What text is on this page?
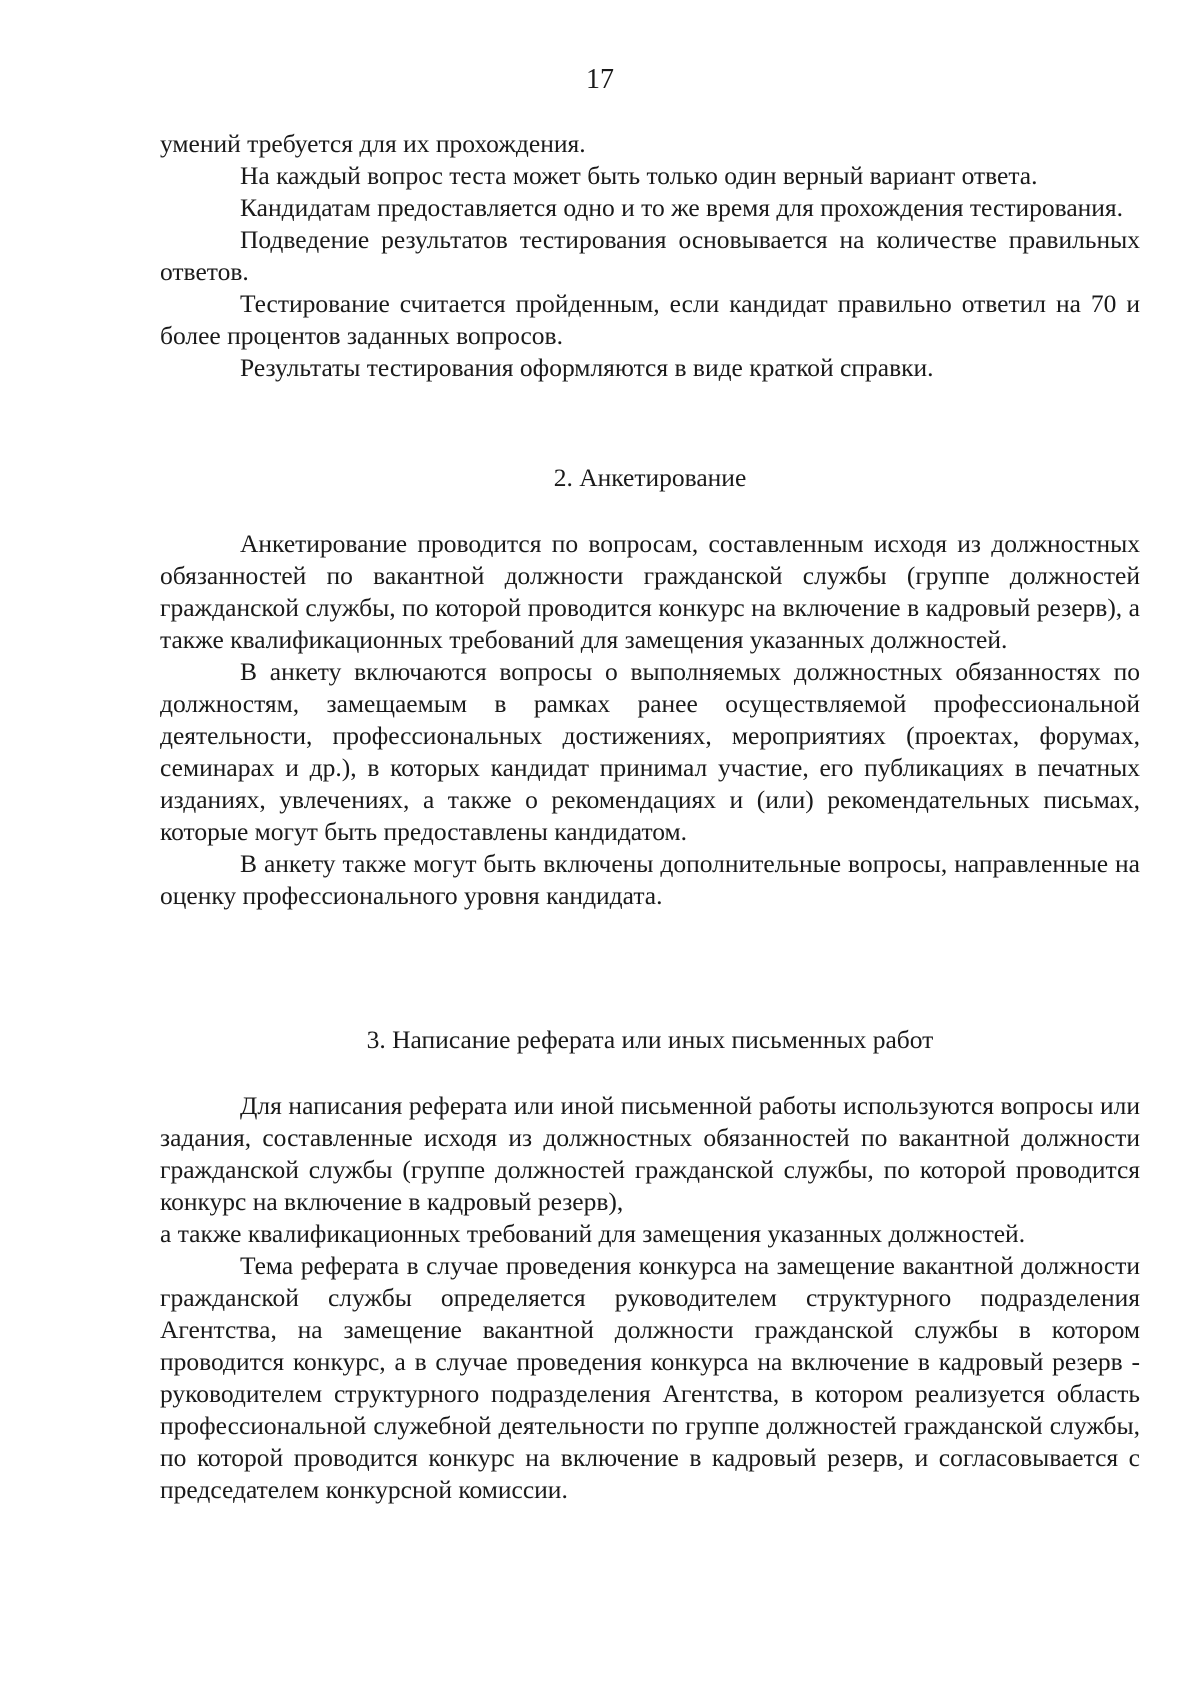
17

умений требуется для их прохождения.

На каждый вопрос теста может быть только один верный вариант ответа.

Кандидатам предоставляется одно и то же время для прохождения тестирования.

Подведение результатов тестирования основывается на количестве правильных ответов.

Тестирование считается пройденным, если кандидат правильно ответил на 70 и более процентов заданных вопросов.

Результаты тестирования оформляются в виде краткой справки.

2. Анкетирование

Анкетирование проводится по вопросам, составленным исходя из должностных обязанностей по вакантной должности гражданской службы (группе должностей гражданской службы, по которой проводится конкурс на включение в кадровый резерв), а также квалификационных требований для замещения указанных должностей.

В анкету включаются вопросы о выполняемых должностных обязанностях по должностям, замещаемым в рамках ранее осуществляемой профессиональной деятельности, профессиональных достижениях, мероприятиях (проектах, форумах, семинарах и др.), в которых кандидат принимал участие, его публикациях в печатных изданиях, увлечениях, а также о рекомендациях и (или) рекомендательных письмах, которые могут быть предоставлены кандидатом.

В анкету также могут быть включены дополнительные вопросы, направленные на оценку профессионального уровня кандидата.

3. Написание реферата или иных письменных работ

Для написания реферата или иной письменной работы используются вопросы или задания, составленные исходя из должностных обязанностей по вакантной должности гражданской службы (группе должностей гражданской службы, по которой проводится конкурс на включение в кадровый резерв),

а также квалификационных требований для замещения указанных должностей.

Тема реферата в случае проведения конкурса на замещение вакантной должности гражданской службы определяется руководителем структурного подразделения Агентства, на замещение вакантной должности гражданской службы в котором проводится конкурс, а в случае проведения конкурса на включение в кадровый резерв - руководителем структурного подразделения Агентства, в котором реализуется область профессиональной служебной деятельности по группе должностей гражданской службы, по которой проводится конкурс на включение в кадровый резерв, и согласовывается с председателем конкурсной комиссии.
